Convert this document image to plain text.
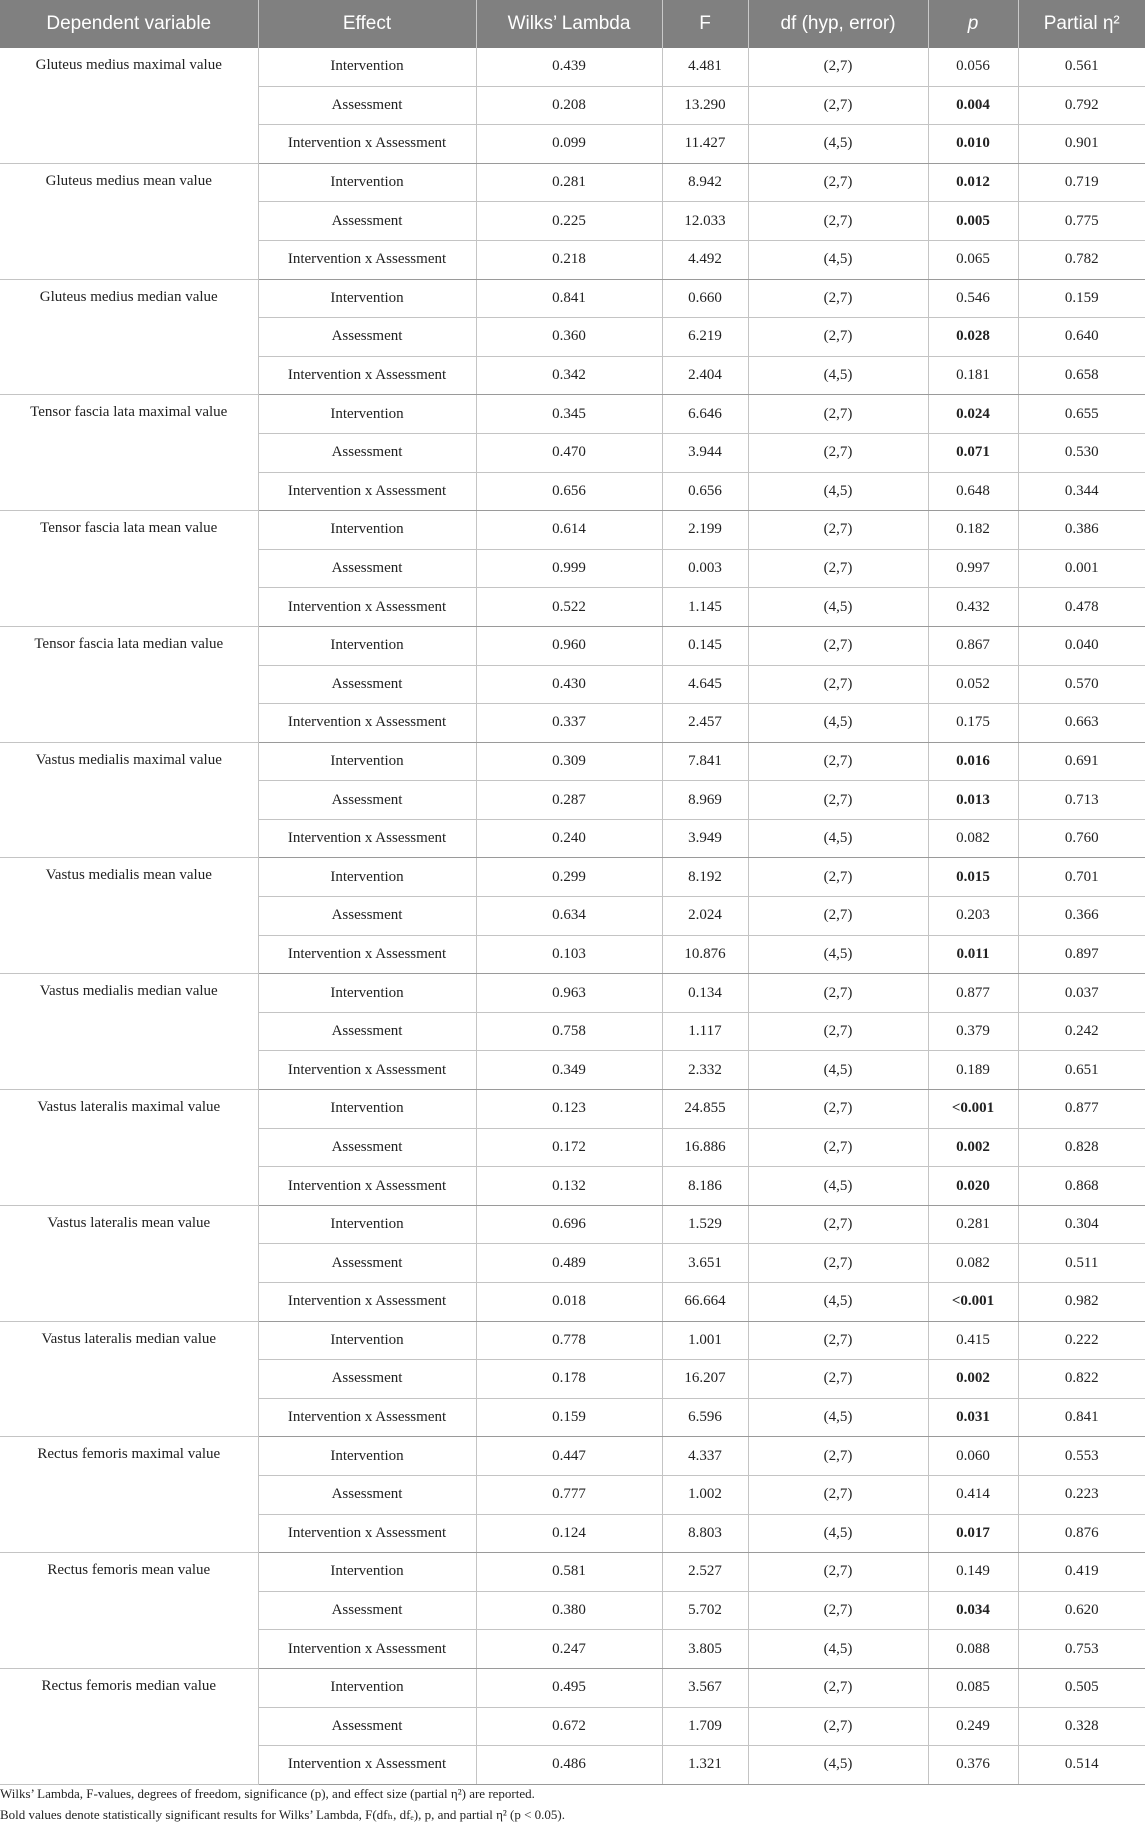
Dependent variable	Effect	Wilks’ Lambda	F	df (hyp, error)	p	Partial η²
Gluteus medius maximal value	Intervention	0.439	4.481	(2,7)	0.056	0.561
	Assessment	0.208	13.290	(2,7)	0.004	0.792
	Intervention x Assessment	0.099	11.427	(4,5)	0.010	0.901
Gluteus medius mean value	Intervention	0.281	8.942	(2,7)	0.012	0.719
	Assessment	0.225	12.033	(2,7)	0.005	0.775
	Intervention x Assessment	0.218	4.492	(4,5)	0.065	0.782
Gluteus medius median value	Intervention	0.841	0.660	(2,7)	0.546	0.159
	Assessment	0.360	6.219	(2,7)	0.028	0.640
	Intervention x Assessment	0.342	2.404	(4,5)	0.181	0.658
Tensor fascia lata maximal value	Intervention	0.345	6.646	(2,7)	0.024	0.655
	Assessment	0.470	3.944	(2,7)	0.071	0.530
	Intervention x Assessment	0.656	0.656	(4,5)	0.648	0.344
Tensor fascia lata mean value	Intervention	0.614	2.199	(2,7)	0.182	0.386
	Assessment	0.999	0.003	(2,7)	0.997	0.001
	Intervention x Assessment	0.522	1.145	(4,5)	0.432	0.478
Tensor fascia lata median value	Intervention	0.960	0.145	(2,7)	0.867	0.040
	Assessment	0.430	4.645	(2,7)	0.052	0.570
	Intervention x Assessment	0.337	2.457	(4,5)	0.175	0.663
Vastus medialis maximal value	Intervention	0.309	7.841	(2,7)	0.016	0.691
	Assessment	0.287	8.969	(2,7)	0.013	0.713
	Intervention x Assessment	0.240	3.949	(4,5)	0.082	0.760
Vastus medialis mean value	Intervention	0.299	8.192	(2,7)	0.015	0.701
	Assessment	0.634	2.024	(2,7)	0.203	0.366
	Intervention x Assessment	0.103	10.876	(4,5)	0.011	0.897
Vastus medialis median value	Intervention	0.963	0.134	(2,7)	0.877	0.037
	Assessment	0.758	1.117	(2,7)	0.379	0.242
	Intervention x Assessment	0.349	2.332	(4,5)	0.189	0.651
Vastus lateralis maximal value	Intervention	0.123	24.855	(2,7)	<0.001	0.877
	Assessment	0.172	16.886	(2,7)	0.002	0.828
	Intervention x Assessment	0.132	8.186	(4,5)	0.020	0.868
Vastus lateralis mean value	Intervention	0.696	1.529	(2,7)	0.281	0.304
	Assessment	0.489	3.651	(2,7)	0.082	0.511
	Intervention x Assessment	0.018	66.664	(4,5)	<0.001	0.982
Vastus lateralis median value	Intervention	0.778	1.001	(2,7)	0.415	0.222
	Assessment	0.178	16.207	(2,7)	0.002	0.822
	Intervention x Assessment	0.159	6.596	(4,5)	0.031	0.841
Rectus femoris maximal value	Intervention	0.447	4.337	(2,7)	0.060	0.553
	Assessment	0.777	1.002	(2,7)	0.414	0.223
	Intervention x Assessment	0.124	8.803	(4,5)	0.017	0.876
Rectus femoris mean value	Intervention	0.581	2.527	(2,7)	0.149	0.419
	Assessment	0.380	5.702	(2,7)	0.034	0.620
	Intervention x Assessment	0.247	3.805	(4,5)	0.088	0.753
Rectus femoris median value	Intervention	0.495	3.567	(2,7)	0.085	0.505
	Assessment	0.672	1.709	(2,7)	0.249	0.328
	Intervention x Assessment	0.486	1.321	(4,5)	0.376	0.514
Wilks’ Lambda, F-values, degrees of freedom, significance (p), and effect size (partial η²) are reported.
Bold values denote statistically significant results for Wilks’ Lambda, F(dfₕ, dfₑ), p, and partial η² (p < 0.05).
